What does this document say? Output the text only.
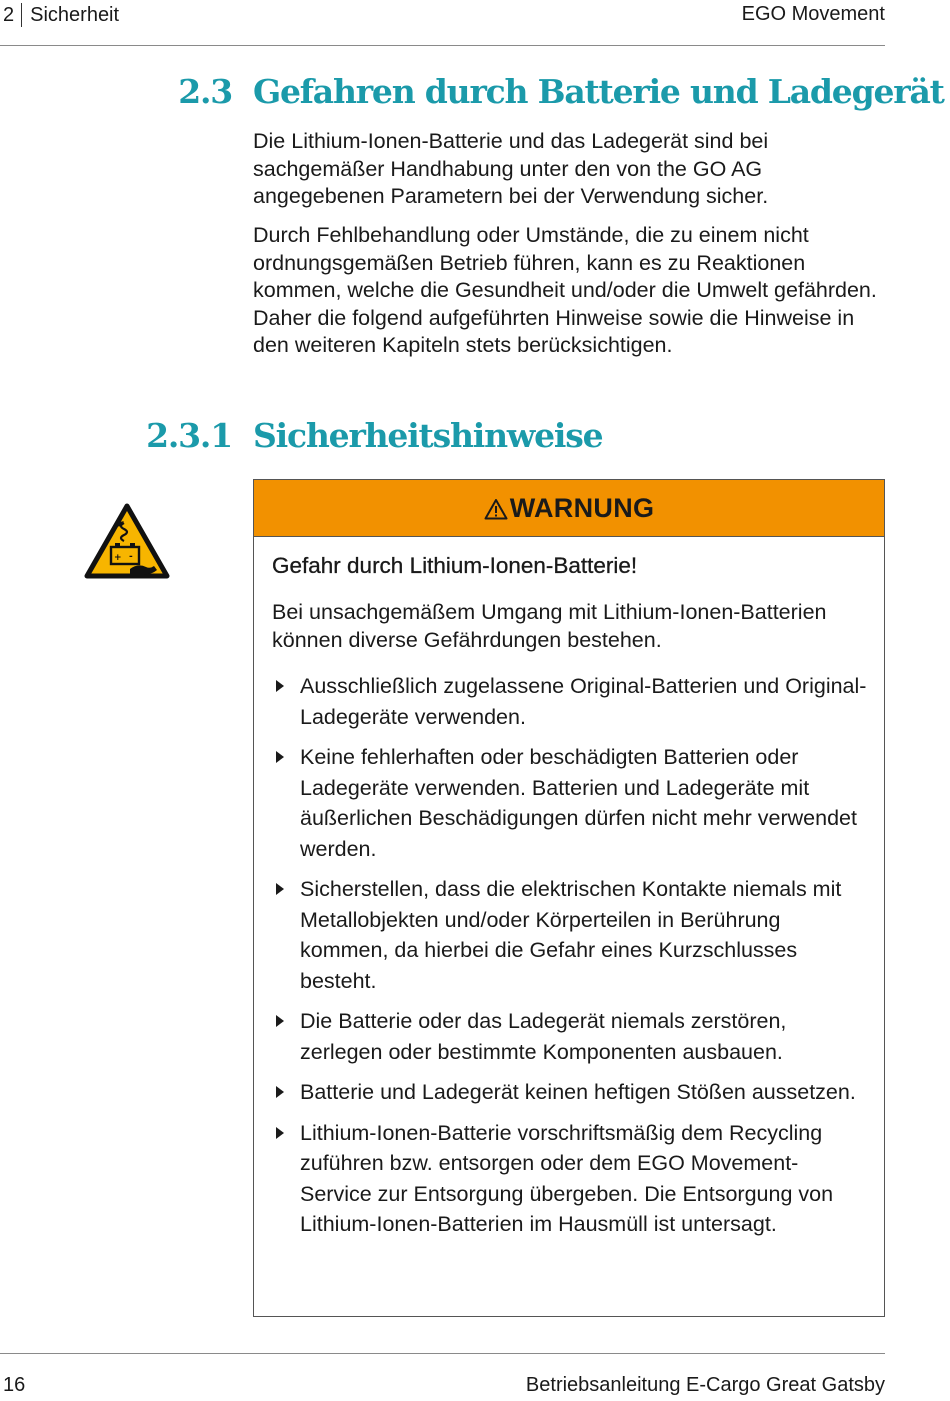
2 Sicherheit	EGO Movement
2.3 Gefahren durch Batterie und Ladegerät

Die Lithium-Ionen-Batterie und das Ladegerät sind bei sachgemäßer Handhabung unter den von the GO AG angegebenen Parametern bei der Verwendung sicher.

Durch Fehlbehandlung oder Umstände, die zu einem nicht ordnungsgemäßen Betrieb führen, kann es zu Reaktionen kommen, welche die Gesundheit und/oder die Umwelt gefährden. Daher die folgend aufgeführten Hinweise sowie die Hinweise in den weiteren Kapiteln stets berücksichtigen.

2.3.1 Sicherheitshinweise
+ -
WARNUNG
Gefahr durch Lithium-Ionen-Batterie!
Bei unsachgemäßem Umgang mit Lithium-Ionen-Batterien können diverse Gefährdungen bestehen.
Ausschließlich zugelassene Original-Batterien und Original-Ladegeräte verwenden.
Keine fehlerhaften oder beschädigten Batterien oder Ladegeräte verwenden. Batterien und Ladegeräte mit äußerlichen Beschädigungen dürfen nicht mehr verwendet werden.
Sicherstellen, dass die elektrischen Kontakte niemals mit Metallobjekten und/oder Körperteilen in Berührung kommen, da hierbei die Gefahr eines Kurzschlusses besteht.
Die Batterie oder das Ladegerät niemals zerstören, zerlegen oder bestimmte Komponenten ausbauen.
Batterie und Ladegerät keinen heftigen Stößen aussetzen.
Lithium-Ionen-Batterie vorschriftsmäßig dem Recycling zuführen bzw. entsorgen oder dem EGO Movement-Service zur Entsorgung übergeben. Die Entsorgung von Lithium-Ionen-Batterien im Hausmüll ist untersagt.
16	Betriebsanleitung E-Cargo Great Gatsby
